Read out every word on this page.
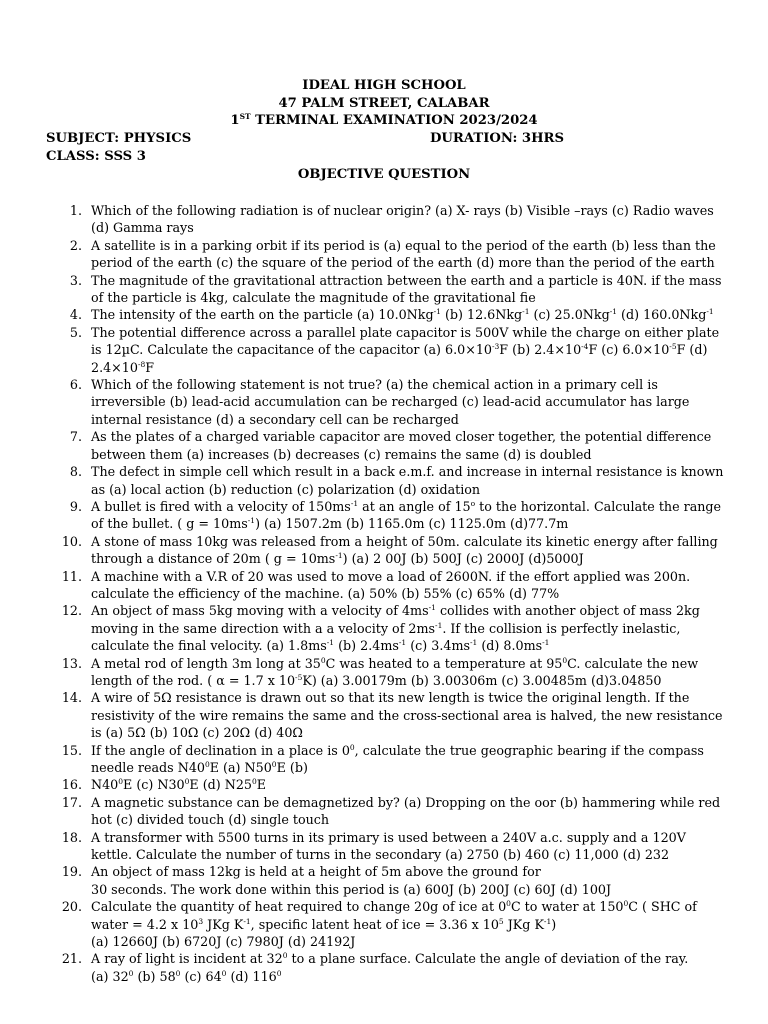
IDEAL HIGH SCHOOL
47 PALM STREET, CALABAR
1ST TERMINAL EXAMINATION 2023/2024
SUBJECT: PHYSICS	DURATION: 3HRS
CLASS: SSS 3
OBJECTIVE QUESTION
1. Which of the following radiation is of nuclear origin? (a) X- rays (b) Visible –rays (c) Radio waves (d) Gamma rays
2. A satellite is in a parking orbit if its period is (a) equal to the period of the earth (b) less than the period of the earth (c) the square of the period of the earth (d) more than the period of the earth
3. The magnitude of the gravitational attraction between the earth and a particle is 40N. if the mass of the particle is 4kg, calculate the magnitude of the gravitational fie
4. The intensity of the earth on the particle (a) 10.0Nkg$^{-1}$ (b) 12.6Nkg$^{-1}$ (c) 25.0Nkg$^{-1}$ (d) 160.0Nkg$^{-1}$
5. The potential difference across a parallel plate capacitor is 500V while the charge on either plate is 12µC. Calculate the capacitance of the capacitor (a) $6.0\times 10^{-3}F$ (b) $2.4\times 10^{-4}F$ (c) $6.0\times 10^{-5}F$ (d) $2.4\times 10^{-8}F$
6. Which of the following statement is not true? (a) the chemical action in a primary cell is irreversible (b) lead-acid accumulation can be recharged (c) lead-acid accumulator has large internal resistance (d) a secondary cell can be recharged
7. As the plates of a charged variable capacitor are moved closer together, the potential difference between them (a) increases (b) decreases (c) remains the same (d) is doubled
8. The defect in simple cell which result in a back e.m.f. and increase in internal resistance is known as (a) local action (b) reduction (c) polarization (d) oxidation
9. A bullet is fired with a velocity of $150ms^{-1}$ at an angle of 15$^o$ to the horizontal. Calculate the range of the bullet. ( $g = 10ms^{-1}$) (a) 1507.2m (b) 1165.0m (c) 1125.0m (d)77.7m
10. A stone of mass 10kg was released from a height of 50m. calculate its kinetic energy after falling through a distance of 20m ( $g = 10ms^{-1}$) (a) 2 00J (b) 500J (c) 2000J (d)5000J
11. A machine with a V.R of 20 was used to move a load of 2600N. if the effort applied was 200n. calculate the efficiency of the machine. (a) 50% (b) 55% (c) 65% (d) 77%
12. An object of mass 5kg moving with a velocity of $4ms^{-1}$ collides with another object of mass 2kg moving in the same direction with a a velocity of $2ms^{-1}$. If the collision is perfectly inelastic, calculate the final velocity. (a) $1.8ms^{-1}$ (b) $2.4ms^{-1}$ (c) $3.4ms^{-1}$ (d) $8.0ms^{-1}$
13. A metal rod of length 3m long at $35^0C$ was heated to a temperature at $95^0C$. calculate the new length of the rod. ( α = 1.7 x $10^{-5}K$) (a) 3.00179m (b) 3.00306m (c) 3.00485m (d)3.04850
14. A wire of 5Ω resistance is drawn out so that its new length is twice the original length. If the resistivity of the wire remains the same and the cross-sectional area is halved, the new resistance is (a) 5Ω (b) 10Ω (c) 20Ω (d) 40Ω
15. If the angle of declination in a place is $0^0$, calculate the true geographic bearing if the compass needle reads $N40^0E$ (a) $N50^0E$ (b)
16. $N40^0E$ (c) $N30^0E$ (d) $N25^0E$
17. A magnetic substance can be demagnetized by? (a) Dropping on the oor (b) hammering while red hot (c) divided touch (d) single touch
18. A transformer with 5500 turns in its primary is used between a 240V a.c. supply and a 120V kettle. Calculate the number of turns in the secondary (a) 2750 (b) 460 (c) 11,000 (d) 232
19. An object of mass 12kg is held at a height of 5m above the ground for
30 seconds. The work done within this period is (a) 600J (b) 200J (c) 60J (d) 100J
20. Calculate the quantity of heat required to change 20g of ice at $0^0C$ to water at $150^0C$ ( SHC of water = 4.2 x $10^3$ JKg $K^{-1}$, specific latent heat of ice = 3.36 x $10^5$ JKg $K^{-1}$)
(a) 12660J (b) 6720J (c) 7980J (d) 24192J
21. A ray of light is incident at $32^0$ to a plane surface. Calculate the angle of deviation of the ray.
(a) $32^0$ (b) $58^0$ (c) $64^0$ (d) $116^0$
